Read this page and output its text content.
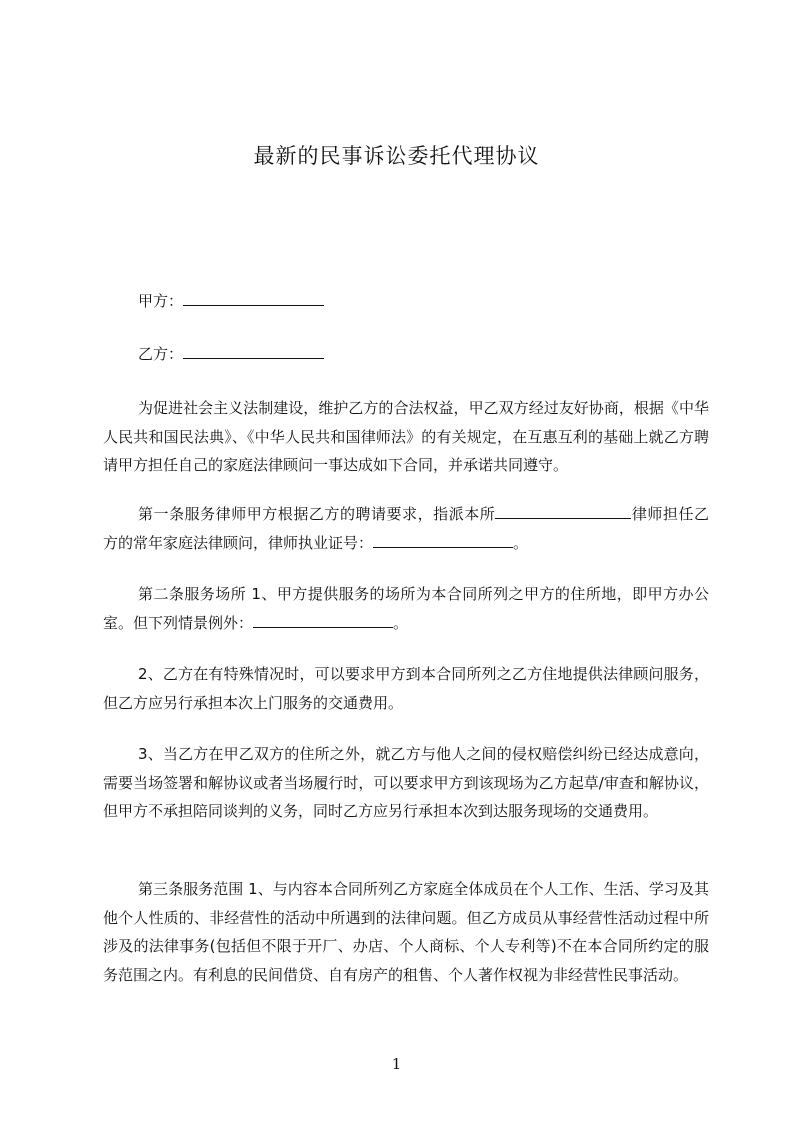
最新的民事诉讼委托代理协议

甲方：

乙方：

为促进社会主义法制建设，维护乙方的合法权益，甲乙双方经过友好协商，根据《中华人民共和国民法典》、《中华人民共和国律师法》的有关规定，在互惠互利的基础上就乙方聘请甲方担任自己的家庭法律顾问一事达成如下合同，并承诺共同遵守。

第一条服务律师甲方根据乙方的聘请要求，指派本所	律师担任乙方的常年家庭法律顾问，律师执业证号：	。

第二条服务场所 1、甲方提供服务的场所为本合同所列之甲方的住所地，即甲方办公室。但下列情景例外：	。

2、乙方在有特殊情况时，可以要求甲方到本合同所列之乙方住地提供法律顾问服务，但乙方应另行承担本次上门服务的交通费用。

3、当乙方在甲乙双方的住所之外，就乙方与他人之间的侵权赔偿纠纷已经达成意向，需要当场签署和解协议或者当场履行时，可以要求甲方到该现场为乙方起草/审查和解协议，但甲方不承担陪同谈判的义务，同时乙方应另行承担本次到达服务现场的交通费用。

第三条服务范围 1、与内容本合同所列乙方家庭全体成员在个人工作、生活、学习及其他个人性质的、非经营性的活动中所遇到的法律问题。但乙方成员从事经营性活动过程中所涉及的法律事务(包括但不限于开厂、办店、个人商标、个人专利等)不在本合同所约定的服务范围之内。有利息的民间借贷、自有房产的租售、个人著作权视为非经营性民事活动。

1
